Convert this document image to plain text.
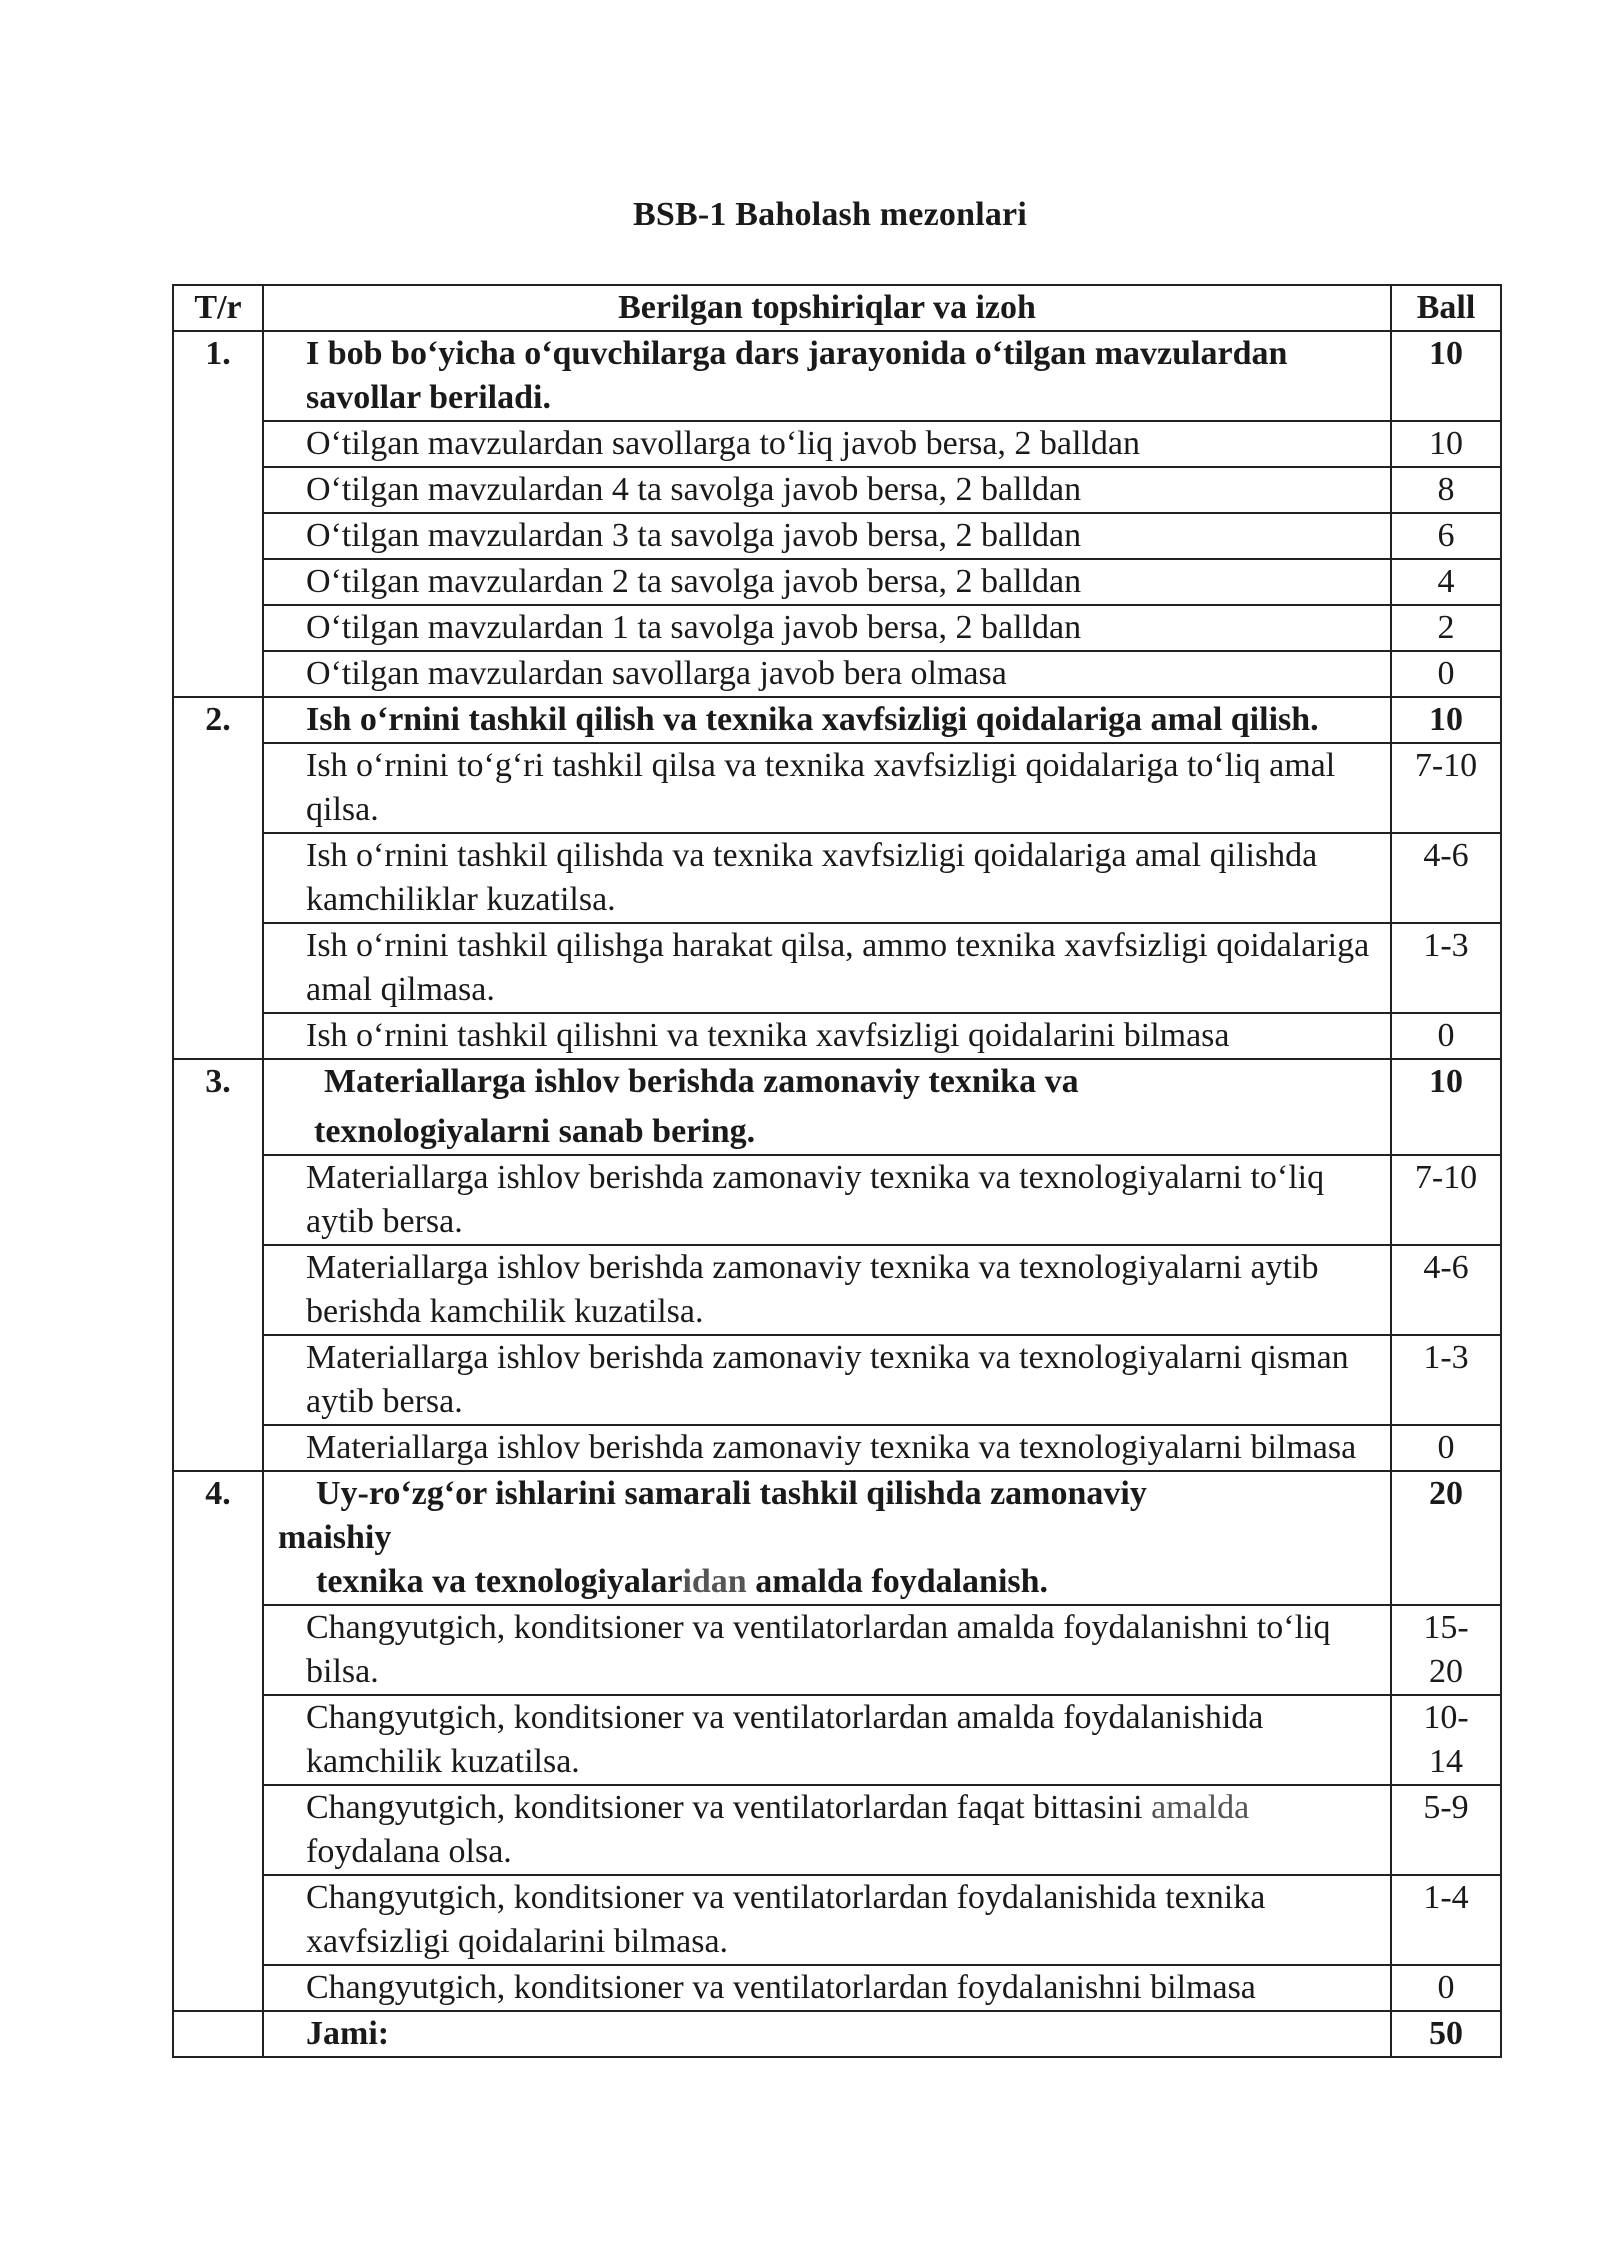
BSB-1 Baholash mezonlari
T/r	Berilgan topshiriqlar va izoh	Ball
1.	I bob bo‘yicha o‘quvchilarga dars jarayonida o‘tilgan mavzulardan savollar beriladi.	10
	O‘tilgan mavzulardan savollarga to‘liq javob bersa, 2 balldan	10
	O‘tilgan mavzulardan 4 ta savolga javob bersa, 2 balldan	8
	O‘tilgan mavzulardan 3 ta savolga javob bersa, 2 balldan	6
	O‘tilgan mavzulardan 2 ta savolga javob bersa, 2 balldan	4
	O‘tilgan mavzulardan 1 ta savolga javob bersa, 2 balldan	2
	O‘tilgan mavzulardan savollarga javob bera olmasa	0
2.	Ish o‘rnini tashkil qilish va texnika xavfsizligi qoidalariga amal qilish.	10
	Ish o‘rnini to‘g‘ri tashkil qilsa va texnika xavfsizligi qoidalariga to‘liq amal qilsa.	7-10
	Ish o‘rnini tashkil qilishda va texnika xavfsizligi qoidalariga amal qilishda kamchiliklar kuzatilsa.	4-6
	Ish o‘rnini tashkil qilishga harakat qilsa, ammo texnika xavfsizligi qoidalariga amal qilmasa.	1-3
	Ish o‘rnini tashkil qilishni va texnika xavfsizligi qoidalarini bilmasa	0
3.	Materiallarga ishlov berishda zamonaviy texnika va
texnologiyalarni sanab bering.	10
	Materiallarga ishlov berishda zamonaviy texnika va texnologiyalarni to‘liq aytib bersa.	7-10
	Materiallarga ishlov berishda zamonaviy texnika va texnologiyalarni aytib berishda kamchilik kuzatilsa.	4-6
	Materiallarga ishlov berishda zamonaviy texnika va texnologiyalarni qisman aytib bersa.	1-3
	Materiallarga ishlov berishda zamonaviy texnika va texnologiyalarni bilmasa	0
4.	Uy-ro‘zg‘or ishlarini samarali tashkil qilishda zamonaviy
maishiy
texnika va texnologiyalaridan amalda foydalanish.	20
	Changyutgich, konditsioner va ventilatorlardan amalda foydalanishni to‘liq bilsa.	15-
20

	Changyutgich, konditsioner va ventilatorlardan amalda foydalanishida kamchilik kuzatilsa.	10-
14

	Changyutgich, konditsioner va ventilatorlardan faqat bittasini amalda foydalana olsa.	5-9
	Changyutgich, konditsioner va ventilatorlardan foydalanishida texnika xavfsizligi qoidalarini bilmasa.	1-4
	Changyutgich, konditsioner va ventilatorlardan foydalanishni bilmasa	0
	Jami:	50
